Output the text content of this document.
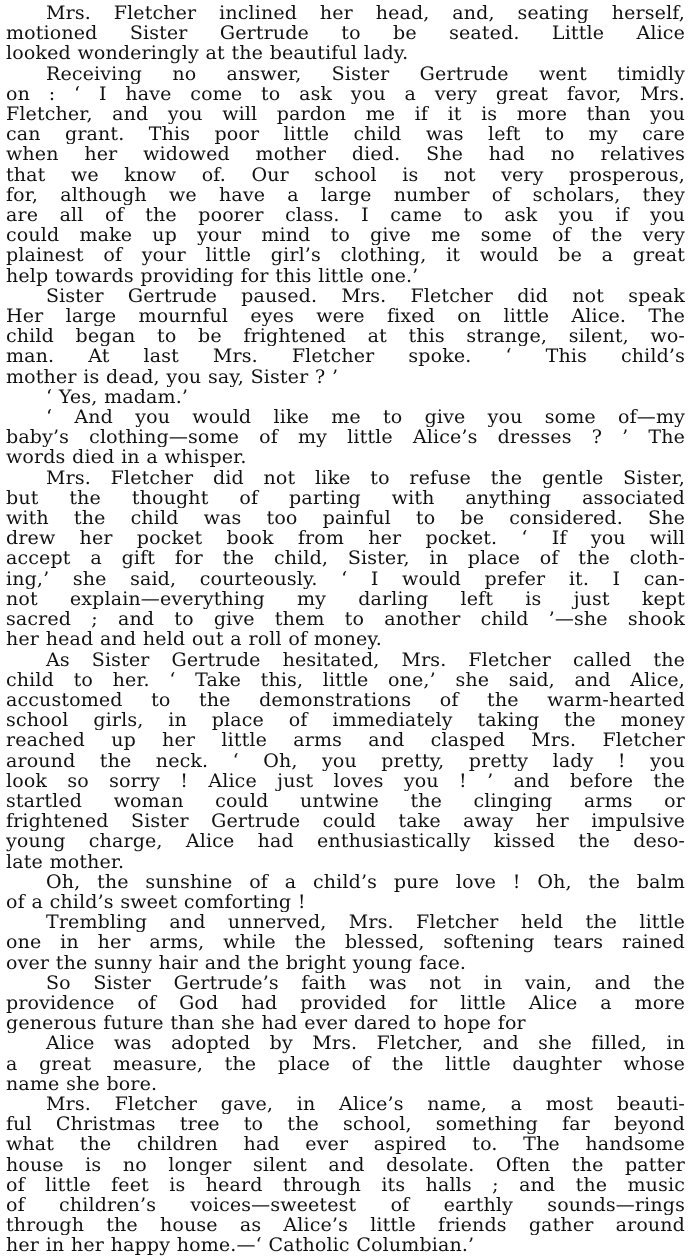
Mrs. Fletcher inclined her head, and, seating herself,
motioned Sister Gertrude to be seated. Little Alice
looked wonderingly at the beautiful lady.
Receiving no answer, Sister Gertrude went timidly
on : ‘ I have come to ask you a very great favor, Mrs.
Fletcher, and you will pardon me if it is more than you
can grant. This poor little child was left to my care
when her widowed mother died. She had no relatives
that we know of. Our school is not very prosperous,
for, although we have a large number of scholars, they
are all of the poorer class. I came to ask you if you
could make up your mind to give me some of the very
plainest of your little girl’s clothing, it would be a great
help towards providing for this little one.’
Sister Gertrude paused. Mrs. Fletcher did not speak
Her large mournful eyes were fixed on little Alice. The
child began to be frightened at this strange, silent, wo-
man. At last Mrs. Fletcher spoke. ‘ This child’s
mother is dead, you say, Sister ? ’
‘ Yes, madam.’
‘ And you would like me to give you some of—my
baby’s clothing—some of my little Alice’s dresses ? ’ The
words died in a whisper.
Mrs. Fletcher did not like to refuse the gentle Sister,
but the thought of parting with anything associated
with the child was too painful to be considered. She
drew her pocket book from her pocket. ‘ If you will
accept a gift for the child, Sister, in place of the cloth-
ing,’ she said, courteously. ‘ I would prefer it. I can-
not explain—everything my darling left is just kept
sacred ; and to give them to another child ’—she shook
her head and held out a roll of money.
As Sister Gertrude hesitated, Mrs. Fletcher called the
child to her. ‘ Take this, little one,’ she said, and Alice,
accustomed to the demonstrations of the warm-hearted
school girls, in place of immediately taking the money
reached up her little arms and clasped Mrs. Fletcher
around the neck. ‘ Oh, you pretty, pretty lady ! you
look so sorry ! Alice just loves you ! ’ and before the
startled woman could untwine the clinging arms or
frightened Sister Gertrude could take away her impulsive
young charge, Alice had enthusiastically kissed the deso-
late mother.
Oh, the sunshine of a child’s pure love ! Oh, the balm
of a child’s sweet comforting !
Trembling and unnerved, Mrs. Fletcher held the little
one in her arms, while the blessed, softening tears rained
over the sunny hair and the bright young face.
So Sister Gertrude’s faith was not in vain, and the
providence of God had provided for little Alice a more
generous future than she had ever dared to hope for
Alice was adopted by Mrs. Fletcher, and she filled, in
a great measure, the place of the little daughter whose
name she bore.
Mrs. Fletcher gave, in Alice’s name, a most beauti-
ful Christmas tree to the school, something far beyond
what the children had ever aspired to. The handsome
house is no longer silent and desolate. Often the patter
of little feet is heard through its halls ; and the music
of children’s voices—sweetest of earthly sounds—rings
through the house as Alice’s little friends gather around
her in her happy home.—‘ Catholic Columbian.’
